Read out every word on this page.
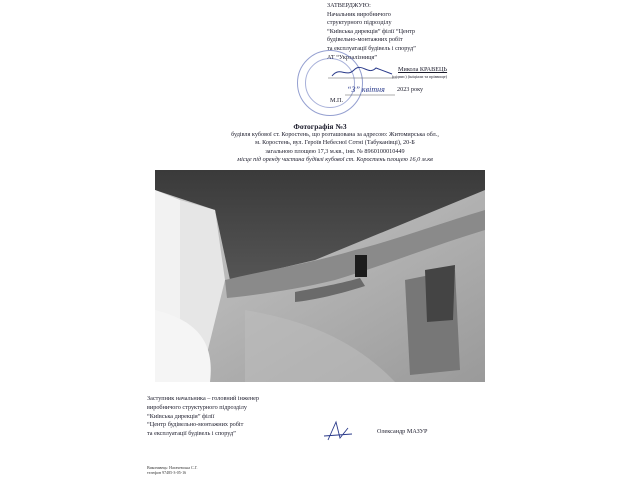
ЗАТВЕРДЖУЮ:
Начальник виробничого
структурного підрозділу
“Київська дирекція” філії “Центр
будівельно-монтажних робіт
та експлуатації будівель і споруд”
АТ “Укрзалізниця”
Микола КРАВЕЦЬ
(підпис) (ініціали та прізвище)
“3” квітня 2023 року
М.П.
Фотографія №3
будівля кубової ст. Коростень, що розташована за адресою: Житомирська обл.,
м. Коростень, вул. Героїв Небесної Сотні (Табуканівці), 20-Б
загальною площею 17,3 м.кв., інв. № 8960100010449
місце під оренду частина будівлі кубової ст. Коростень площею 16,0 м.кв
Заступник начальника – головний інженер
виробничого структурного підрозділу
“Київська дирекція” філії
“Центр будівельно-монтажних робіт
та експлуатації будівель і споруд”	Олександр МАЗУР
Виконавець: Нагачевська С.Г.
телефон 97485-3-05-16
